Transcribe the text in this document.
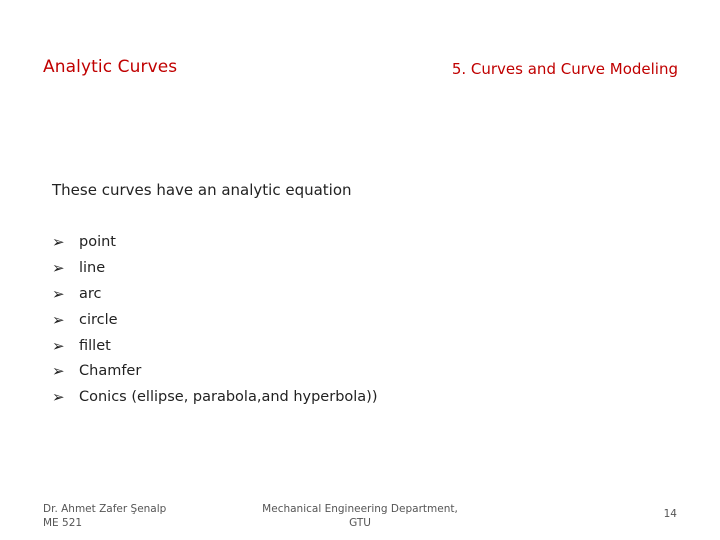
Analytic Curves	5. Curves and Curve Modeling
These curves have an analytic equation
➢ point
➢ line
➢ arc
➢ circle
➢ fillet
➢ Chamfer
➢ Conics (ellipse, parabola,and hyperbola))
Dr. Ahmet Zafer Şenalp
ME 521
Mechanical Engineering Department,
GTU
14
